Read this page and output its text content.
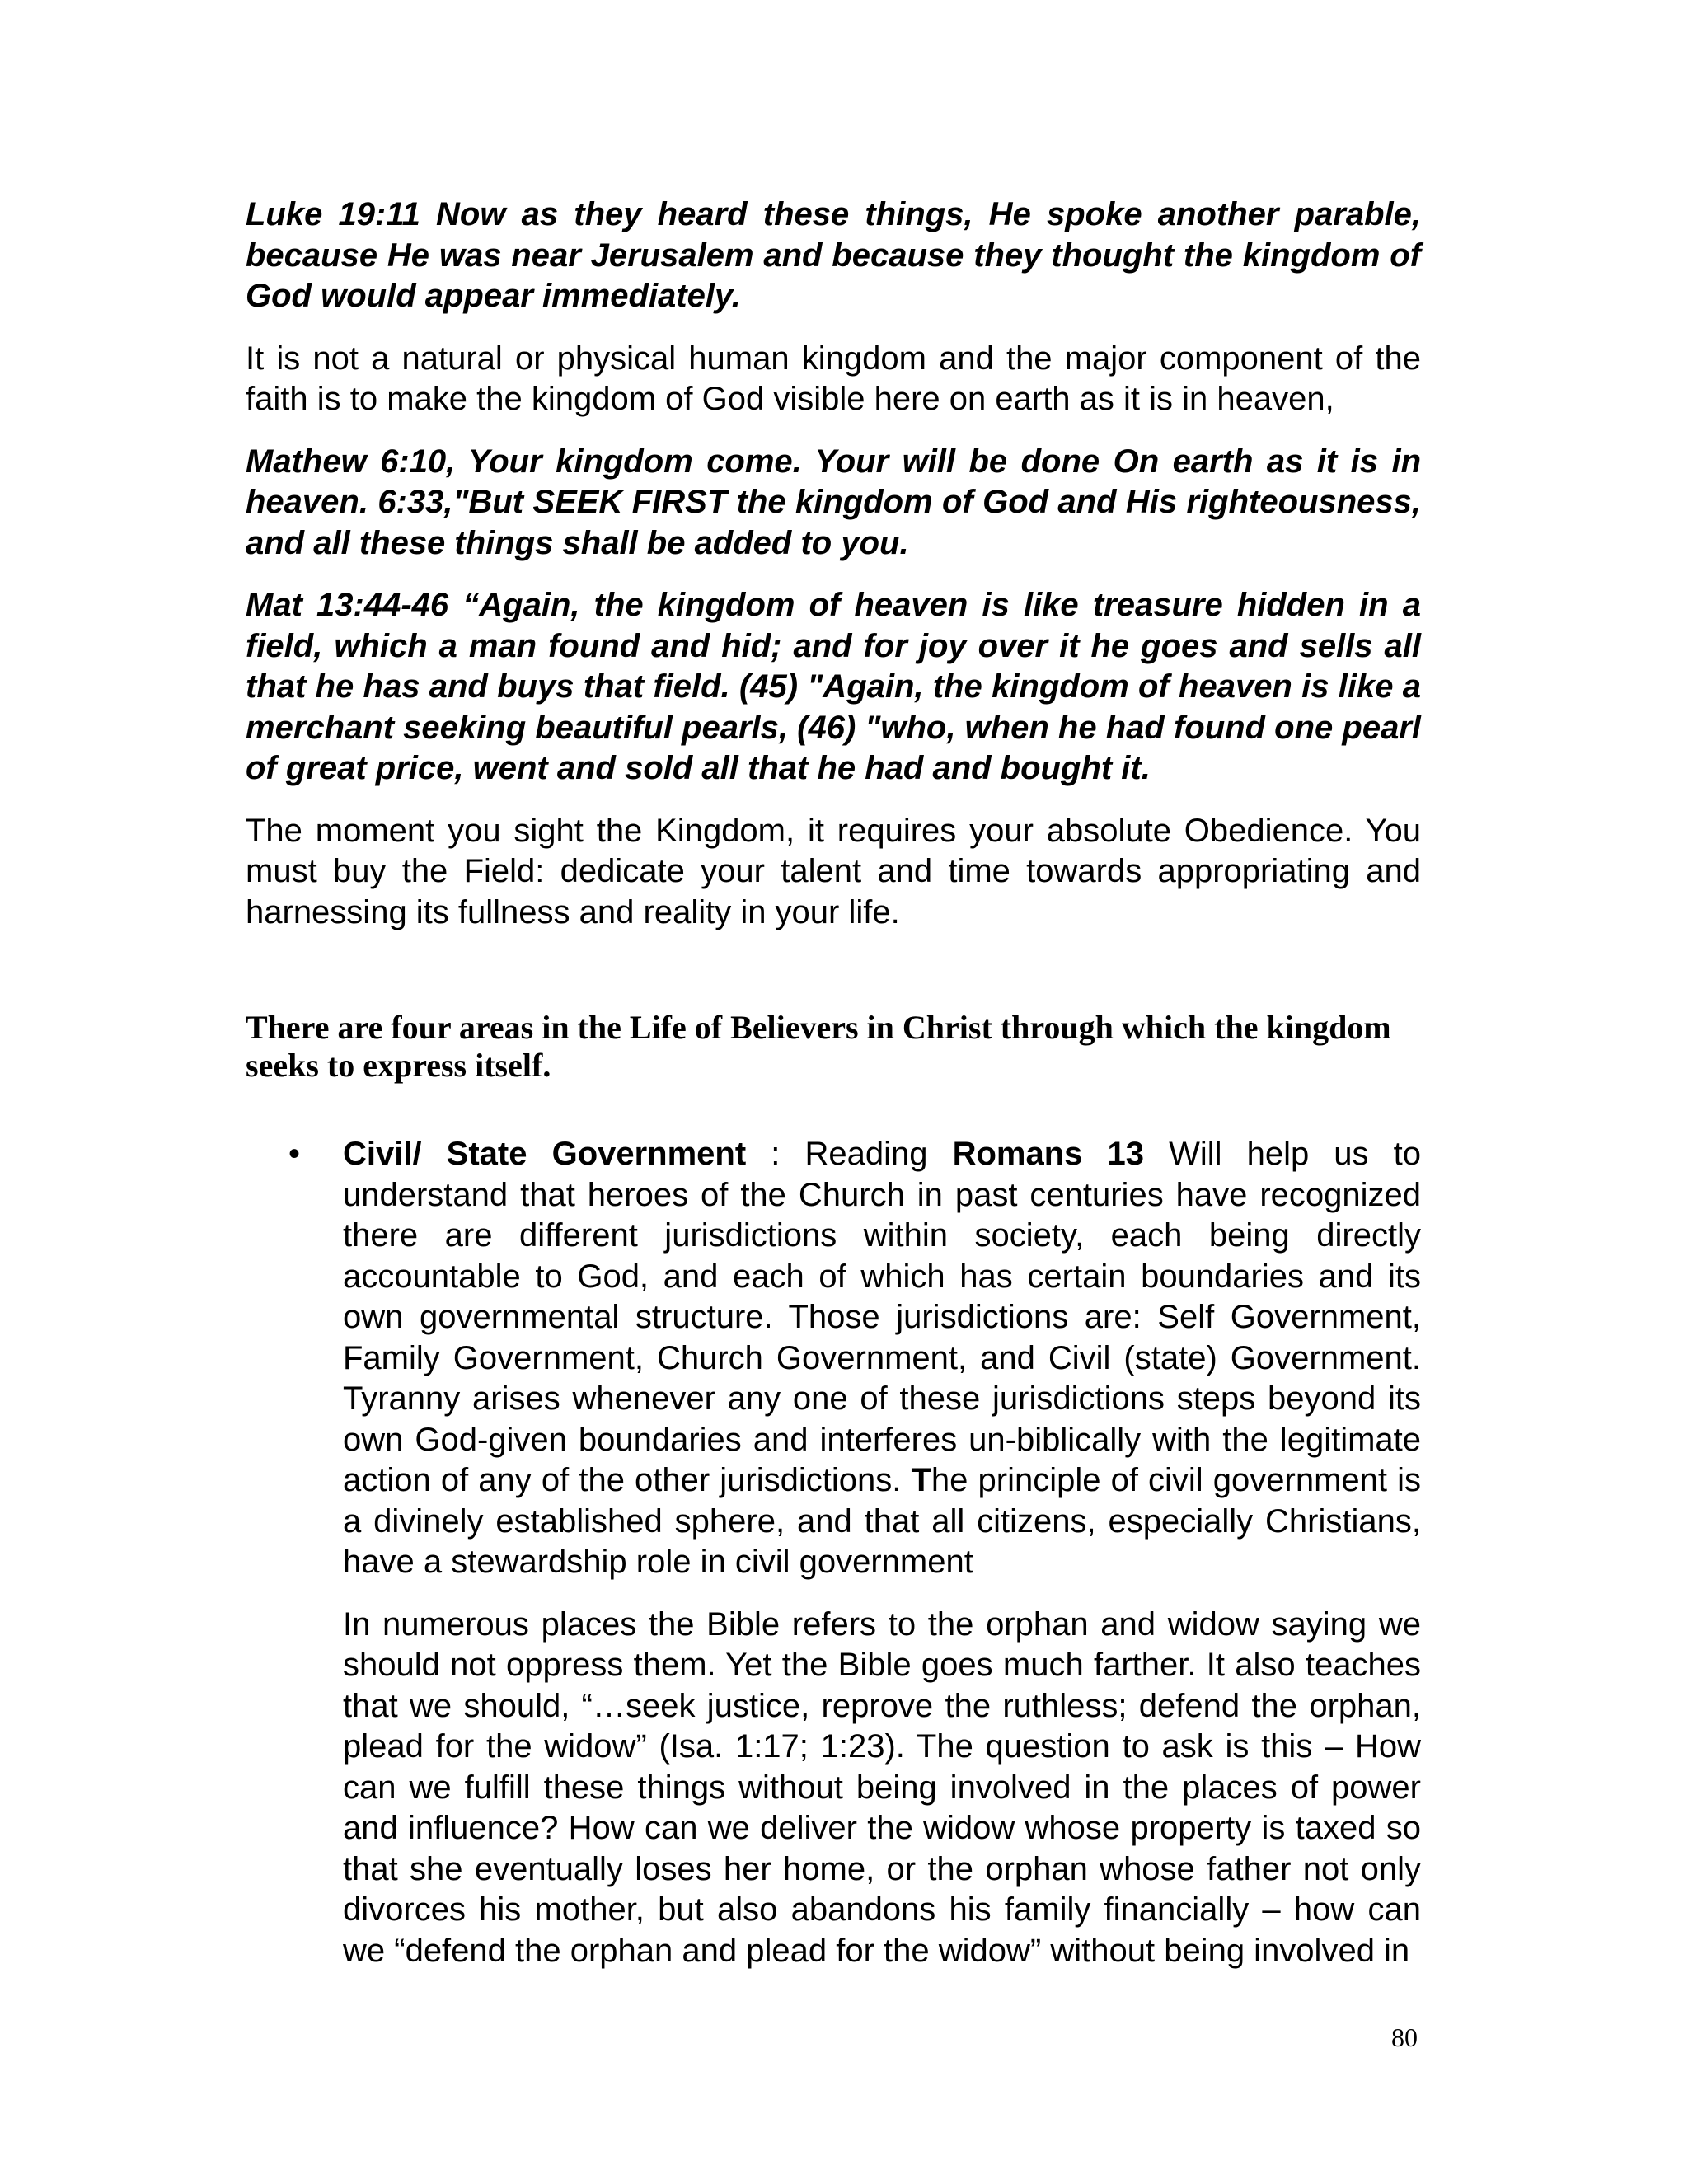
Luke 19:11 Now as they heard these things, He spoke another parable, because He was near Jerusalem and because they thought the kingdom of God would appear immediately.

It is not a natural or physical human kingdom and the major component of the faith is to make the kingdom of God visible here on earth as it is in heaven,

Mathew 6:10, Your kingdom come. Your will be done On earth as it is in heaven. 6:33,"But SEEK FIRST the kingdom of God and His righteousness, and all these things shall be added to you.

Mat 13:44-46 “Again, the kingdom of heaven is like treasure hidden in a field, which a man found and hid; and for joy over it he goes and sells all that he has and buys that field. (45) "Again, the kingdom of heaven is like a merchant seeking beautiful pearls, (46) "who, when he had found one pearl of great price, went and sold all that he had and bought it.

The moment you sight the Kingdom, it requires your absolute Obedience. You must buy the Field: dedicate your talent and time towards appropriating and harnessing its fullness and reality in your life.

There are four areas in the Life of Believers in Christ through which the kingdom seeks to express itself.
• Civil/ State Government : Reading Romans 13 Will help us to understand that heroes of the Church in past centuries have recognized there are different jurisdictions within society, each being directly accountable to God, and each of which has certain boundaries and its own governmental structure. Those jurisdictions are: Self Government, Family Government, Church Government, and Civil (state) Government. Tyranny arises whenever any one of these jurisdictions steps beyond its own God-given boundaries and interferes un-biblically with the legitimate action of any of the other jurisdictions. The principle of civil government is a divinely established sphere, and that all citizens, especially Christians, have a stewardship role in civil government

In numerous places the Bible refers to the orphan and widow saying we should not oppress them. Yet the Bible goes much farther. It also teaches that we should, “…seek justice, reprove the ruthless; defend the orphan, plead for the widow” (Isa. 1:17; 1:23). The question to ask is this – How can we fulfill these things without being involved in the places of power and influence? How can we deliver the widow whose property is taxed so that she eventually loses her home, or the orphan whose father not only divorces his mother, but also abandons his family financially – how can we “defend the orphan and plead for the widow” without being involved in

80
